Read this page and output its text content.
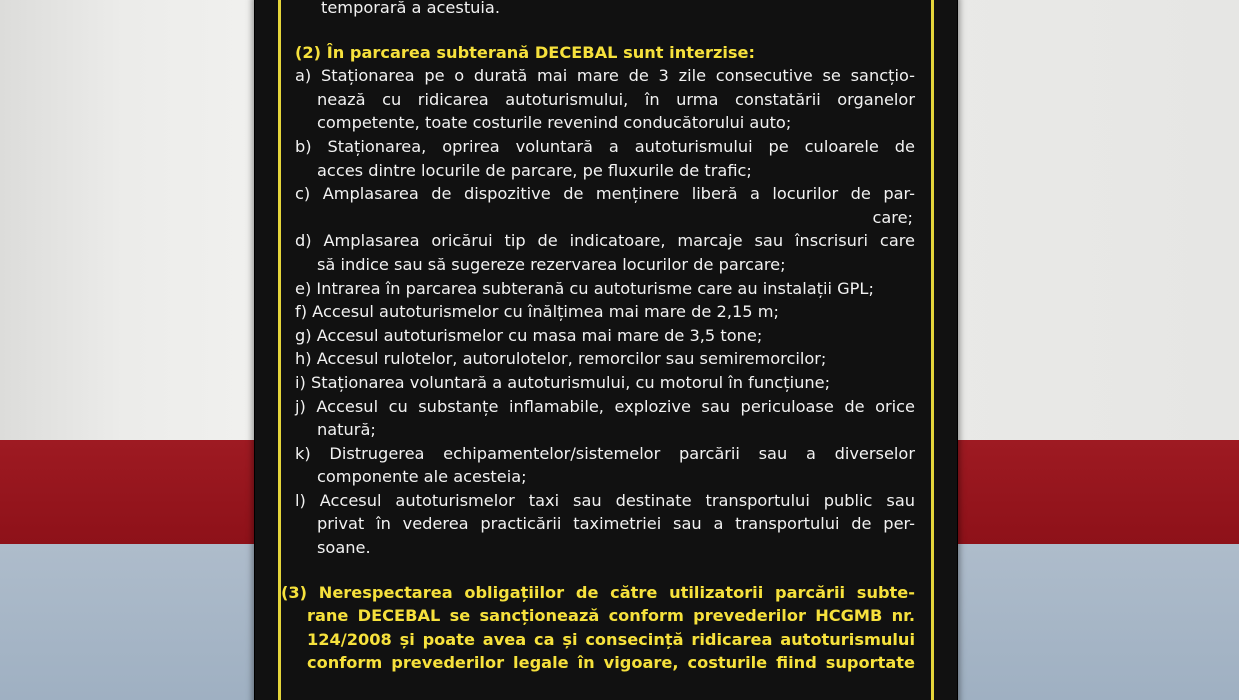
temporară a acestuia.
(2) În parcarea subterană DECEBAL sunt interzise:
a) Staționarea pe o durată mai mare de 3 zile consecutive se sancțio-
nează cu ridicarea autoturismului, în urma constatării organelor
competente, toate costurile revenind conducătorului auto;
b) Staționarea, oprirea voluntară a autoturismului pe culoarele de
acces dintre locurile de parcare, pe fluxurile de trafic;
c) Amplasarea de dispozitive de menținere liberă a locurilor de par-
care;
d) Amplasarea oricărui tip de indicatoare, marcaje sau înscrisuri care
să indice sau să sugereze rezervarea locurilor de parcare;
e) Intrarea în parcarea subterană cu autoturisme care au instalații GPL;
f) Accesul autoturismelor cu înălțimea mai mare de 2,15 m;
g) Accesul autoturismelor cu masa mai mare de 3,5 tone;
h) Accesul rulotelor, autorulotelor, remorcilor sau semiremorcilor;
i) Staționarea voluntară a autoturismului, cu motorul în funcțiune;
j) Accesul cu substanțe inflamabile, explozive sau periculoase de orice
natură;
k) Distrugerea echipamentelor/sistemelor parcării sau a diverselor
componente ale acesteia;
l) Accesul autoturismelor taxi sau destinate transportului public sau
privat în vederea practicării taximetriei sau a transportului de per-
soane.
(3) Nerespectarea obligațiilor de către utilizatorii parcării subte-
rane DECEBAL se sancționează conform prevederilor HCGMB nr.
124/2008 și poate avea ca și consecință ridicarea autoturismului
conform prevederilor legale în vigoare, costurile fiind suportate
